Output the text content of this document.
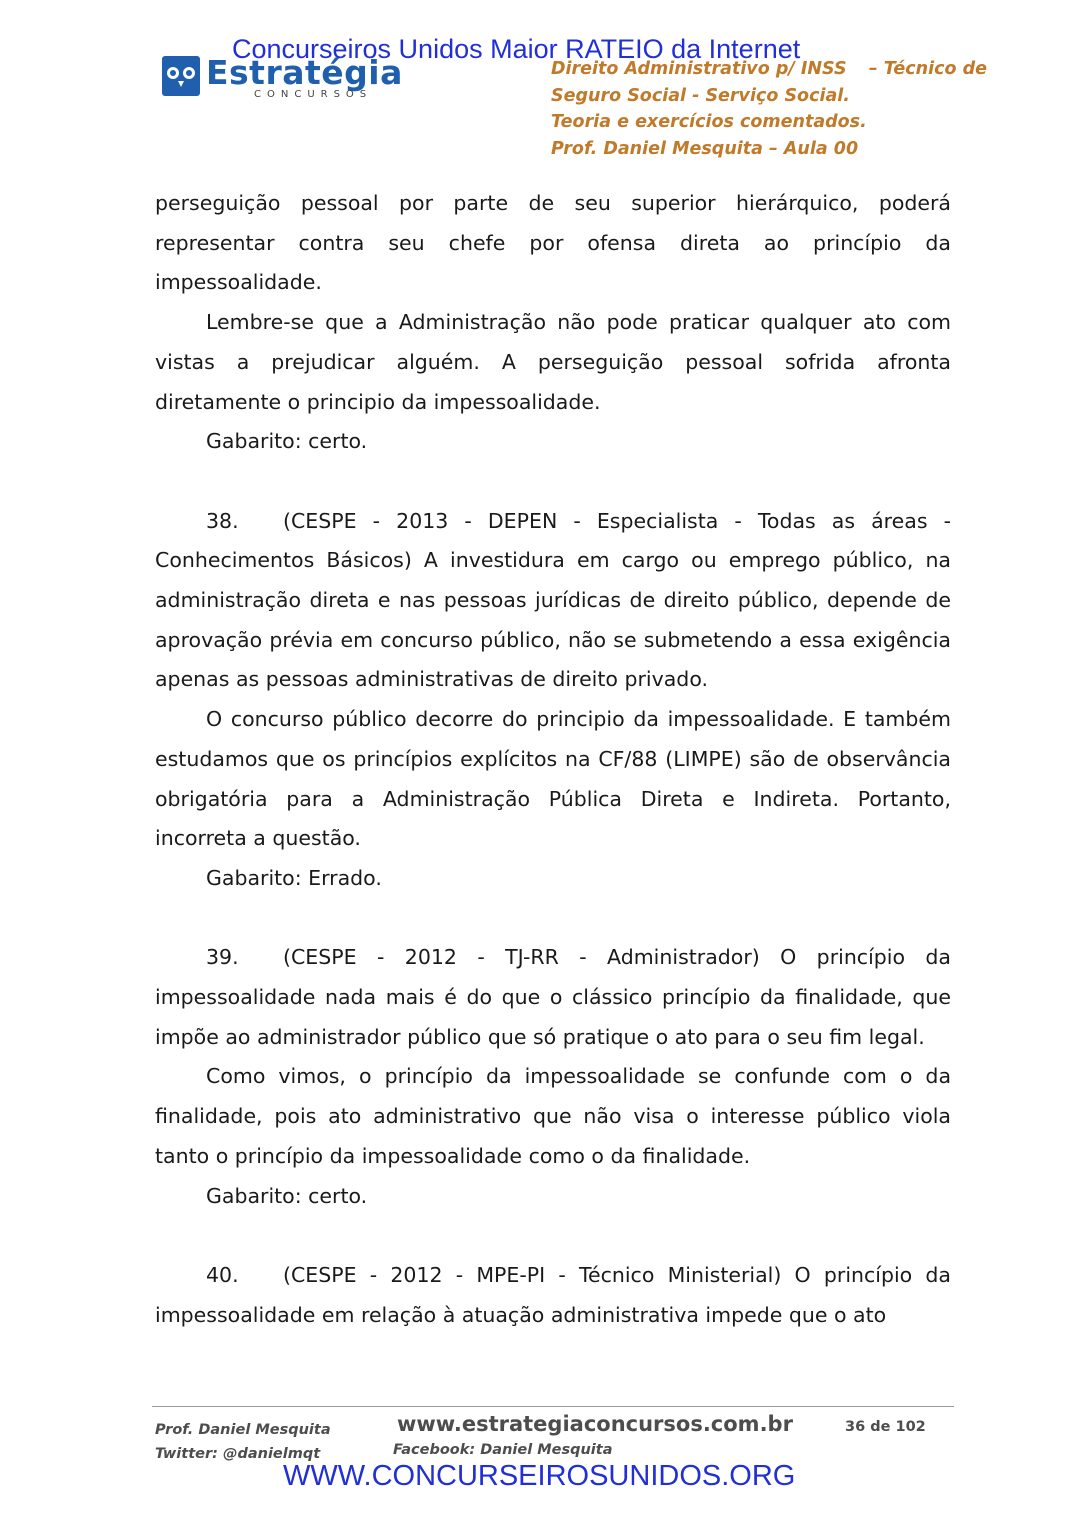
Estratégia
CONCURSOS
Concurseiros Unidos Maior RATEIO da Internet
Direito Administrativo p/ INSS – Técnico de
Seguro Social - Serviço Social.
Teoria e exercícios comentados.
Prof. Daniel Mesquita – Aula 00

perseguição pessoal por parte de seu superior hierárquico, poderá representar contra seu chefe por ofensa direta ao princípio da impessoalidade.

Lembre-se que a Administração não pode praticar qualquer ato com vistas a prejudicar alguém. A perseguição pessoal sofrida afronta diretamente o principio da impessoalidade.

Gabarito: certo.

38. (CESPE - 2013 - DEPEN - Especialista - Todas as áreas - Conhecimentos Básicos) A investidura em cargo ou emprego público, na administração direta e nas pessoas jurídicas de direito público, depende de aprovação prévia em concurso público, não se submetendo a essa exigência apenas as pessoas administrativas de direito privado.

O concurso público decorre do principio da impessoalidade. E também estudamos que os princípios explícitos na CF/88 (LIMPE) são de observância obrigatória para a Administração Pública Direta e Indireta. Portanto, incorreta a questão.

Gabarito: Errado.

39. (CESPE - 2012 - TJ-RR - Administrador) O princípio da impessoalidade nada mais é do que o clássico princípio da finalidade, que impõe ao administrador público que só pratique o ato para o seu fim legal.

Como vimos, o princípio da impessoalidade se confunde com o da finalidade, pois ato administrativo que não visa o interesse público viola tanto o princípio da impessoalidade como o da finalidade.

Gabarito: certo.

40. (CESPE - 2012 - MPE-PI - Técnico Ministerial) O princípio da impessoalidade em relação à atuação administrativa impede que o ato

Prof. Daniel Mesquita
Twitter: @danielmqt
www.estrategiaconcursos.com.br
Facebook: Daniel Mesquita
36 de 102
WWW.CONCURSEIROSUNIDOS.ORG
